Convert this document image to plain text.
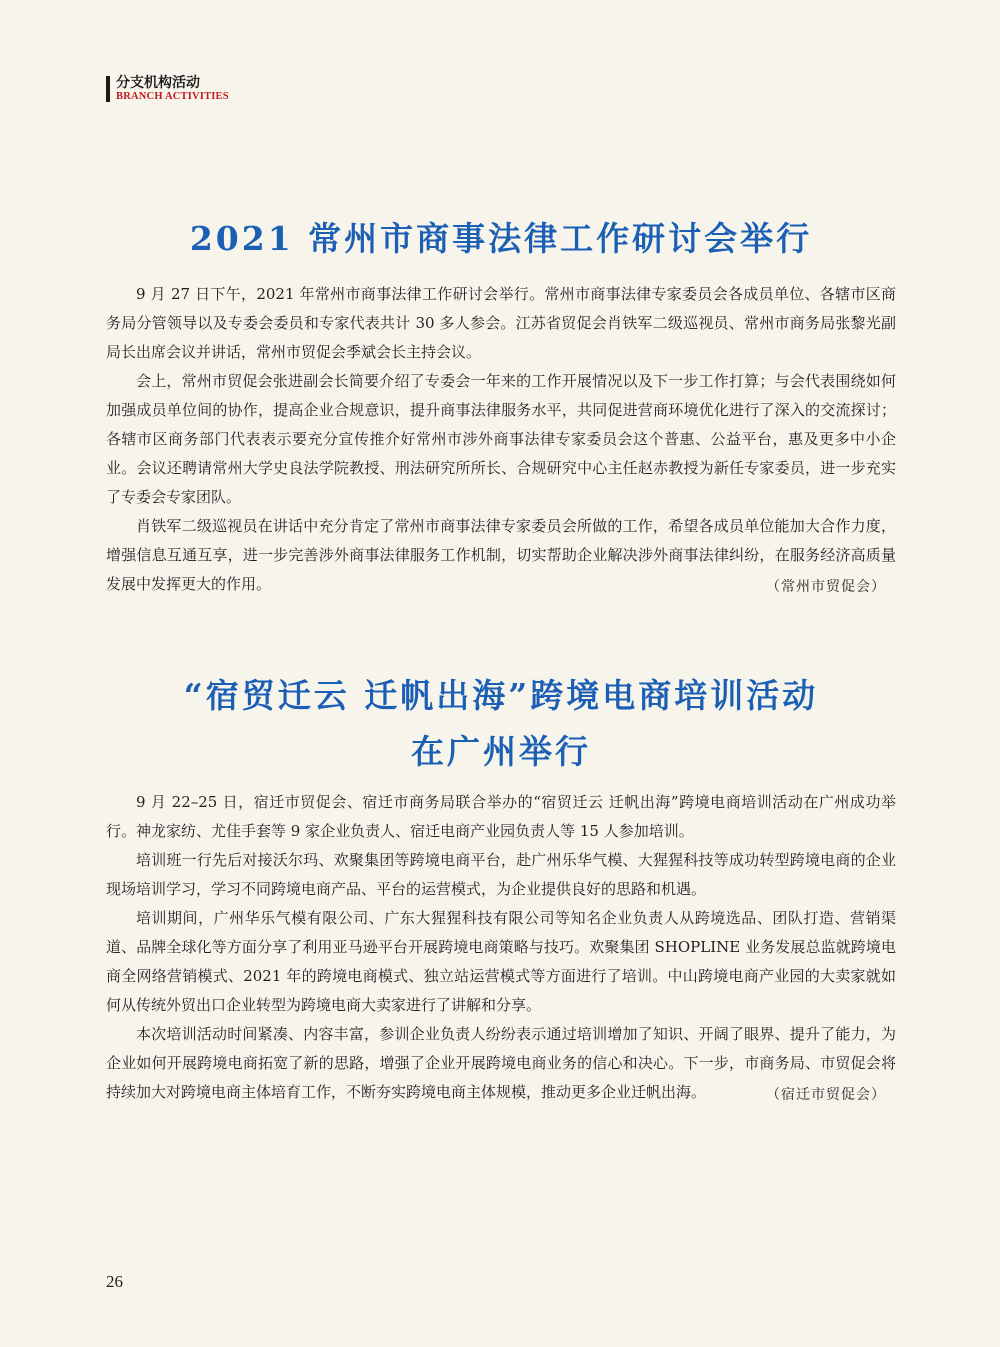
分支机构活动
BRANCH ACTIVITIES
2021 常州市商事法律工作研讨会举行

9 月 27 日下午，2021 年常州市商事法律工作研讨会举行。常州市商事法律专家委员会各成员单位、各辖市区商务局分管领导以及专委会委员和专家代表共计 30 多人参会。江苏省贸促会肖铁军二级巡视员、常州市商务局张黎光副局长出席会议并讲话，常州市贸促会季斌会长主持会议。

会上，常州市贸促会张进副会长简要介绍了专委会一年来的工作开展情况以及下一步工作打算；与会代表围绕如何加强成员单位间的协作，提高企业合规意识，提升商事法律服务水平，共同促进营商环境优化进行了深入的交流探讨；各辖市区商务部门代表表示要充分宣传推介好常州市涉外商事法律专家委员会这个普惠、公益平台，惠及更多中小企业。会议还聘请常州大学史良法学院教授、刑法研究所所长、合规研究中心主任赵赤教授为新任专家委员，进一步充实了专委会专家团队。

肖铁军二级巡视员在讲话中充分肯定了常州市商事法律专家委员会所做的工作，希望各成员单位能加大合作力度，增强信息互通互享，进一步完善涉外商事法律服务工作机制，切实帮助企业解决涉外商事法律纠纷，在服务经济高质量发展中发挥更大的作用。	（常州市贸促会）

“宿贸迁云 迁帆出海”跨境电商培训活动
在广州举行

9 月 22–25 日，宿迁市贸促会、宿迁市商务局联合举办的“宿贸迁云 迁帆出海”跨境电商培训活动在广州成功举行。神龙家纺、尤佳手套等 9 家企业负责人、宿迁电商产业园负责人等 15 人参加培训。

培训班一行先后对接沃尔玛、欢聚集团等跨境电商平台，赴广州乐华气模、大猩猩科技等成功转型跨境电商的企业现场培训学习，学习不同跨境电商产品、平台的运营模式，为企业提供良好的思路和机遇。

培训期间，广州华乐气模有限公司、广东大猩猩科技有限公司等知名企业负责人从跨境选品、团队打造、营销渠道、品牌全球化等方面分享了利用亚马逊平台开展跨境电商策略与技巧。欢聚集团 SHOPLINE 业务发展总监就跨境电商全网络营销模式、2021 年的跨境电商模式、独立站运营模式等方面进行了培训。中山跨境电商产业园的大卖家就如何从传统外贸出口企业转型为跨境电商大卖家进行了讲解和分享。

本次培训活动时间紧凑、内容丰富，参训企业负责人纷纷表示通过培训增加了知识、开阔了眼界、提升了能力，为企业如何开展跨境电商拓宽了新的思路，增强了企业开展跨境电商业务的信心和决心。下一步，市商务局、市贸促会将持续加大对跨境电商主体培育工作，不断夯实跨境电商主体规模，推动更多企业迁帆出海。	（宿迁市贸促会）

26
